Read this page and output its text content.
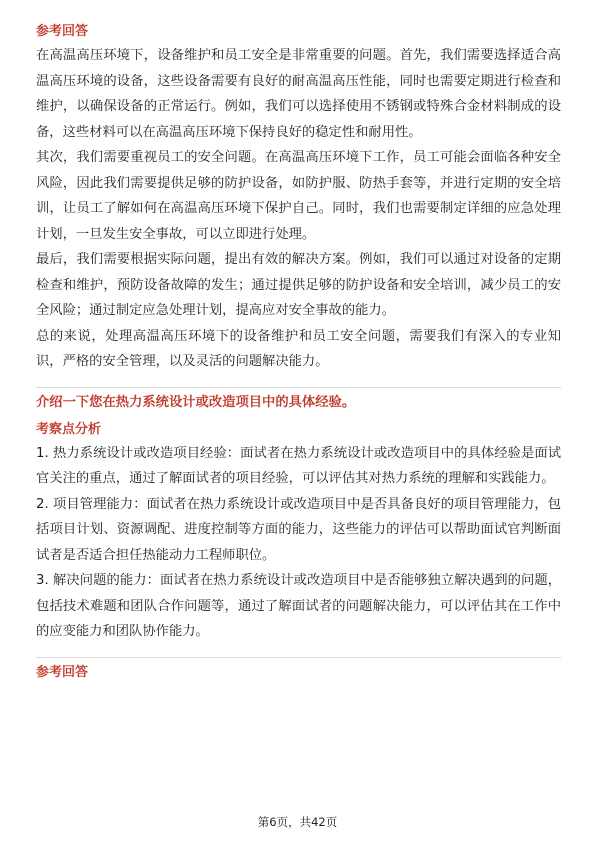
参考回答

在高温高压环境下，设备维护和员工安全是非常重要的问题。首先，我们需要选择适合高温高压环境的设备，这些设备需要有良好的耐高温高压性能，同时也需要定期进行检查和维护，以确保设备的正常运行。例如，我们可以选择使用不锈钢或特殊合金材料制成的设备，这些材料可以在高温高压环境下保持良好的稳定性和耐用性。

其次，我们需要重视员工的安全问题。在高温高压环境下工作，员工可能会面临各种安全风险，因此我们需要提供足够的防护设备，如防护服、防热手套等，并进行定期的安全培训，让员工了解如何在高温高压环境下保护自己。同时，我们也需要制定详细的应急处理计划，一旦发生安全事故，可以立即进行处理。

最后，我们需要根据实际问题，提出有效的解决方案。例如，我们可以通过对设备的定期检查和维护，预防设备故障的发生；通过提供足够的防护设备和安全培训，减少员工的安全风险；通过制定应急处理计划，提高应对安全事故的能力。

总的来说，处理高温高压环境下的设备维护和员工安全问题，需要我们有深入的专业知识，严格的安全管理，以及灵活的问题解决能力。

介绍一下您在热力系统设计或改造项目中的具体经验。
考察点分析

1. 热力系统设计或改造项目经验：面试者在热力系统设计或改造项目中的具体经验是面试官关注的重点，通过了解面试者的项目经验，可以评估其对热力系统的理解和实践能力。

2. 项目管理能力：面试者在热力系统设计或改造项目中是否具备良好的项目管理能力，包括项目计划、资源调配、进度控制等方面的能力，这些能力的评估可以帮助面试官判断面试者是否适合担任热能动力工程师职位。

3. 解决问题的能力：面试者在热力系统设计或改造项目中是否能够独立解决遇到的问题，包括技术难题和团队合作问题等，通过了解面试者的问题解决能力，可以评估其在工作中的应变能力和团队协作能力。

参考回答
第6页，共42页
